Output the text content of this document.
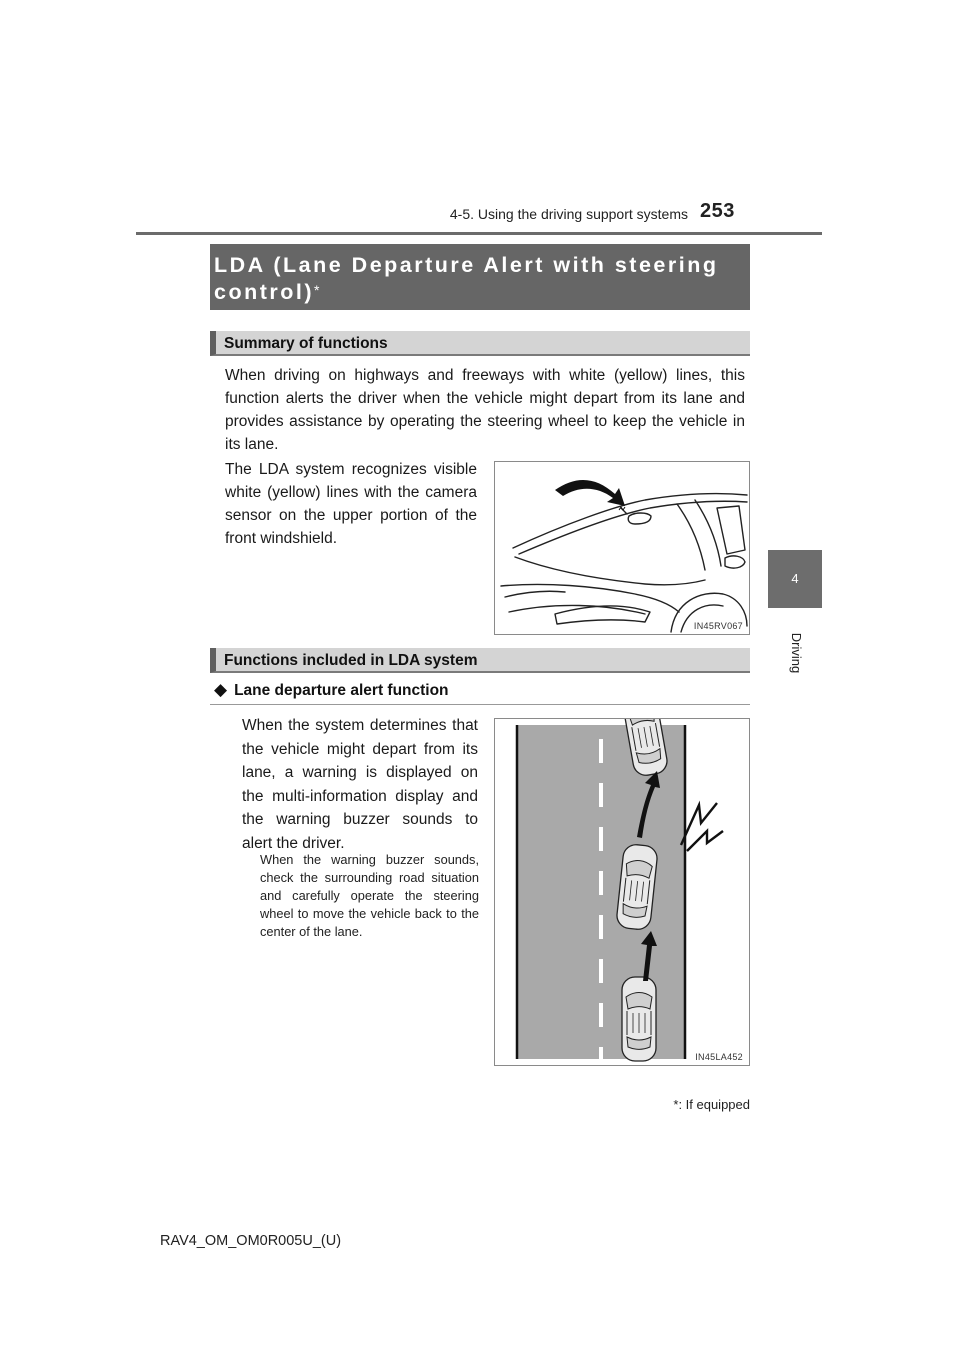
4-5. Using the driving support systems 253
4
Driving
LDA (Lane Departure Alert with steering control)*
Summary of functions
When driving on highways and freeways with white (yellow) lines, this function alerts the driver when the vehicle might depart from its lane and provides assistance by operating the steering wheel to keep the vehicle in its lane.
The LDA system recognizes visible white (yellow) lines with the camera sensor on the upper portion of the front windshield.
IN45RV067
Functions included in LDA system
◆ Lane departure alert function
When the system determines that the vehicle might depart from its lane, a warning is displayed on the multi-information display and the warning buzzer sounds to alert the driver.
When the warning buzzer sounds, check the surrounding road situation and carefully operate the steering wheel to move the vehicle back to the center of the lane.
IN45LA452
*: If equipped
RAV4_OM_OM0R005U_(U)
